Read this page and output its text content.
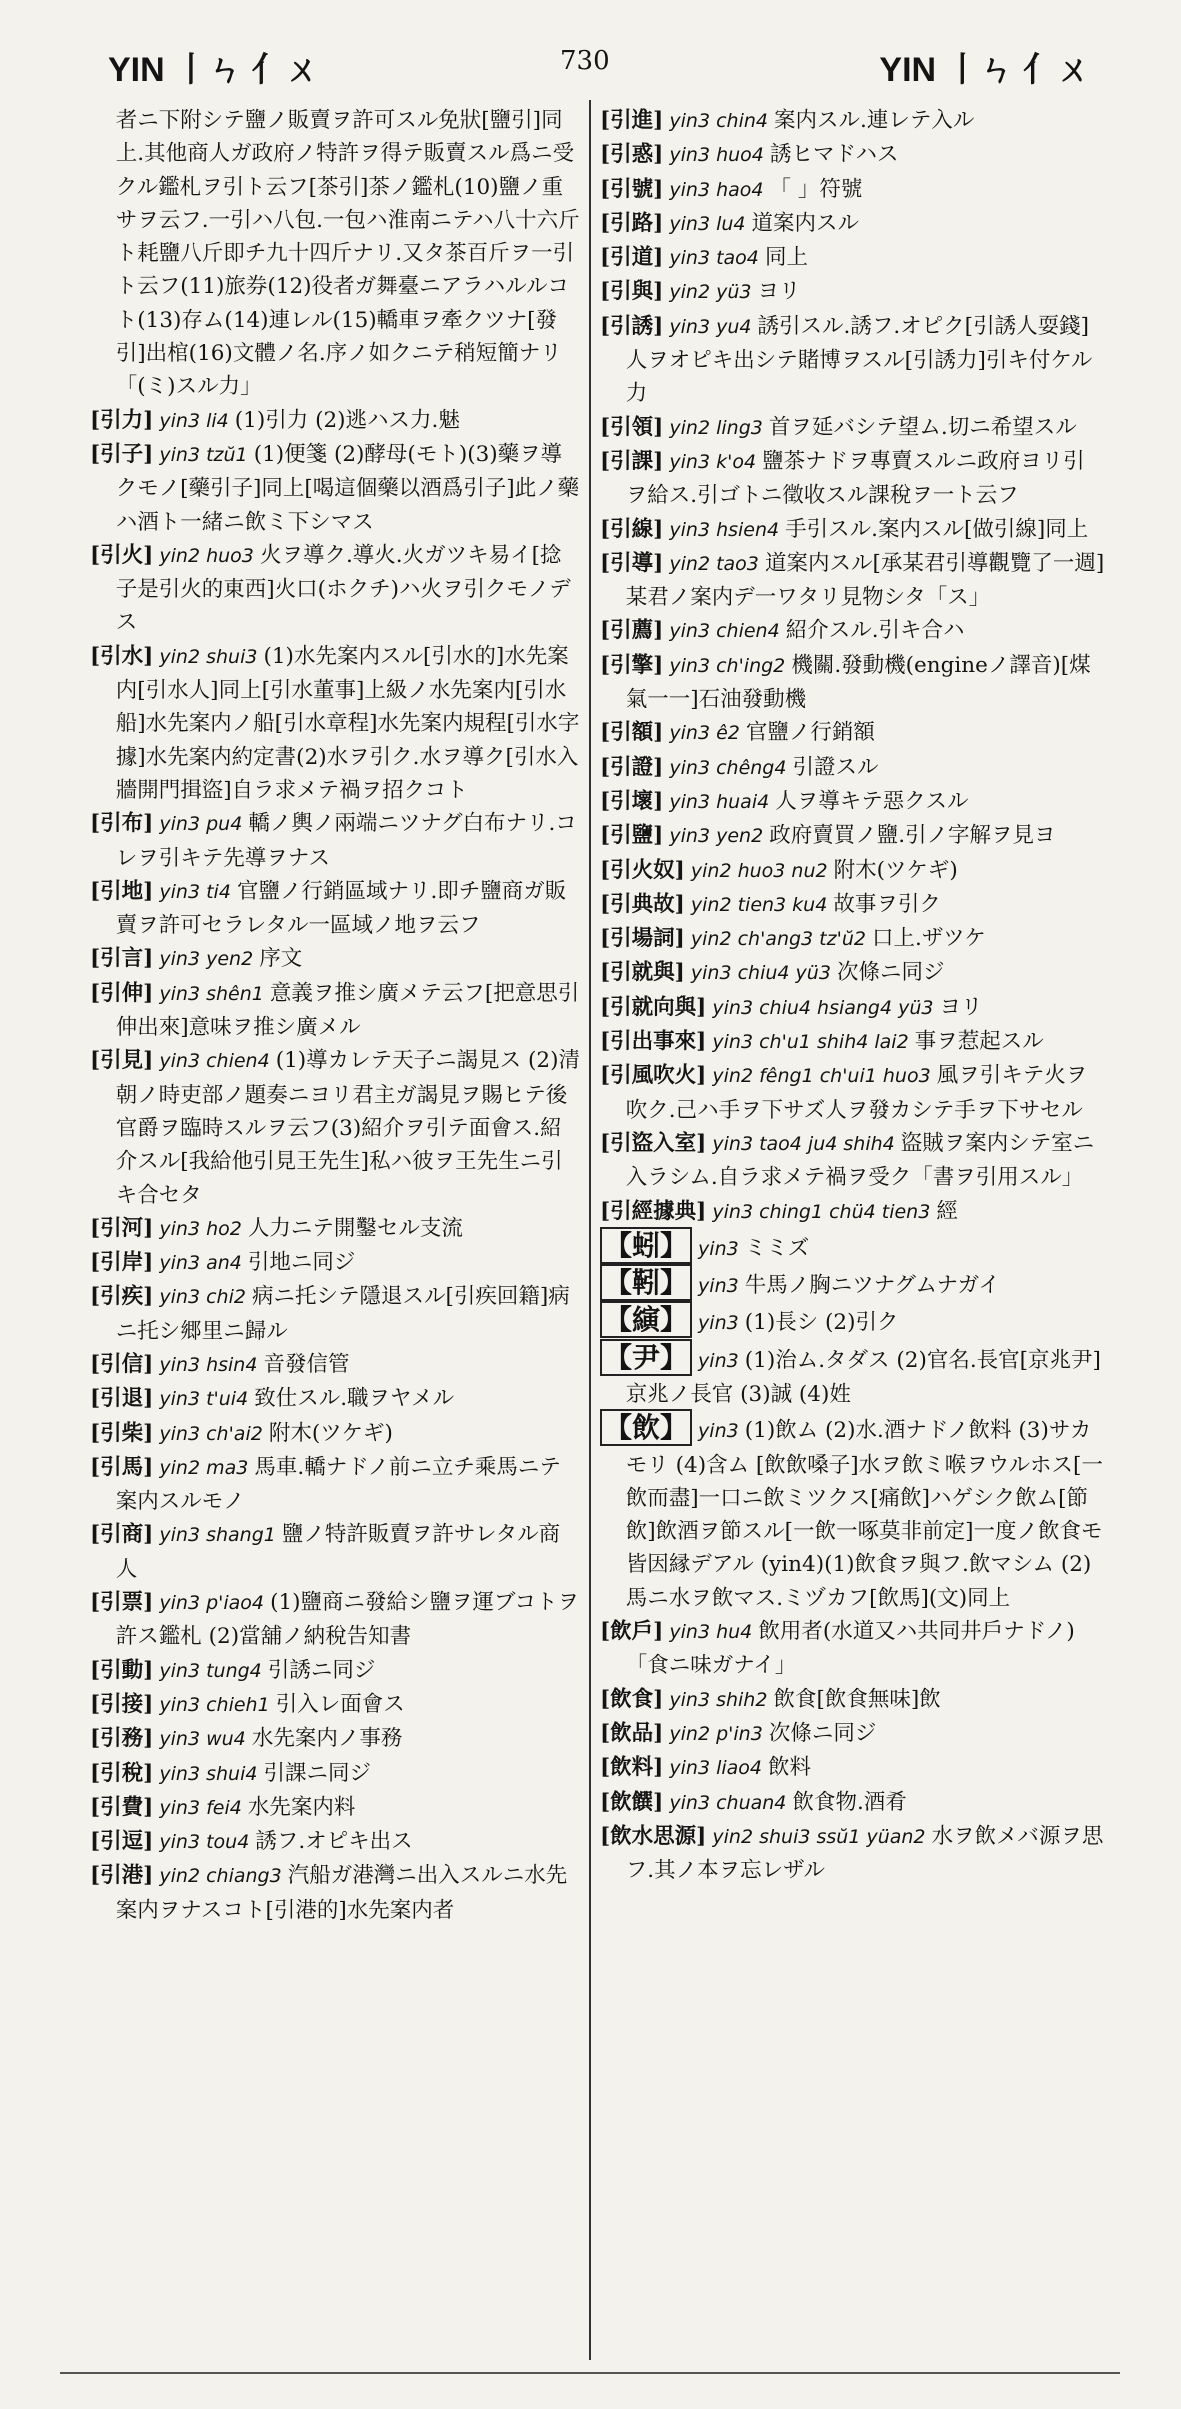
YIN 丨ㄣ 亻ㄨ	730	YIN 丨ㄣ 亻ㄨ
者ニ下附シテ鹽ノ販賣ヲ許可スル免狀[鹽引]同上.其他商人ガ政府ノ特許ヲ得テ販賣スル爲ニ受クル鑑札ヲ引ト云フ[茶引]茶ノ鑑札(10)鹽ノ重サヲ云フ.一引ハ八包.一包ハ淮南ニテハ八十六斤ト耗鹽八斤即チ九十四斤ナリ.又タ茶百斤ヲ一引ト云フ(11)旅券(12)役者ガ舞臺ニアラハルルコト(13)存ム(14)連レル(15)轎車ヲ牽クツナ[發引]出棺(16)文體ノ名.序ノ如クニテ稍短簡ナリ「(ミ)スル力」
[引力] yin3 li4 (1)引力 (2)逃ハス力.魅
[引子] yin3 tzŭ1 (1)便箋 (2)酵母(モト)(3)藥ヲ導クモノ[藥引子]同上[喝這個藥以酒爲引子]此ノ藥ハ酒ト一緒ニ飲ミ下シマス
[引火] yin2 huo3 火ヲ導ク.導火.火ガツキ易イ[捻子是引火的東西]火口(ホクチ)ハ火ヲ引クモノデス
[引水] yin2 shui3 (1)水先案内スル[引水的]水先案内[引水人]同上[引水董事]上級ノ水先案内[引水船]水先案内ノ船[引水章程]水先案内規程[引水字據]水先案内約定書(2)水ヲ引ク.水ヲ導ク[引水入牆開門揖盜]自ラ求メテ禍ヲ招クコト
[引布] yin3 pu4 轎ノ輿ノ兩端ニツナグ白布ナリ.コレヲ引キテ先導ヲナス
[引地] yin3 ti4 官鹽ノ行銷區域ナリ.即チ鹽商ガ販賣ヲ許可セラレタル一區域ノ地ヲ云フ
[引言] yin3 yen2 序文
[引伸] yin3 shên1 意義ヲ推シ廣メテ云フ[把意思引伸出來]意味ヲ推シ廣メル
[引見] yin3 chien4 (1)導カレテ天子ニ謁見ス (2)清朝ノ時吏部ノ題奏ニヨリ君主ガ謁見ヲ賜ヒテ後官爵ヲ臨時スルヲ云フ(3)紹介ヲ引テ面會ス.紹介スル[我給他引見王先生]私ハ彼ヲ王先生ニ引キ合セタ
[引河] yin3 ho2 人力ニテ開鑿セル支流
[引岸] yin3 an4 引地ニ同ジ
[引疾] yin3 chi2 病ニ托シテ隱退スル[引疾回籍]病ニ托シ郷里ニ歸ル
[引信] yin3 hsin4 音發信管
[引退] yin3 t'ui4 致仕スル.職ヲヤメル
[引柴] yin3 ch'ai2 附木(ツケギ)
[引馬] yin2 ma3 馬車.轎ナドノ前ニ立チ乘馬ニテ案内スルモノ
[引商] yin3 shang1 鹽ノ特許販賣ヲ許サレタル商人
[引票] yin3 p'iao4 (1)鹽商ニ發給シ鹽ヲ運ブコトヲ許ス鑑札 (2)當舖ノ納稅告知書
[引動] yin3 tung4 引誘ニ同ジ
[引接] yin3 chieh1 引入レ面會ス
[引務] yin3 wu4 水先案内ノ事務
[引稅] yin3 shui4 引課ニ同ジ
[引費] yin3 fei4 水先案内料
[引逗] yin3 tou4 誘フ.オピキ出ス
[引港] yin2 chiang3 汽船ガ港灣ニ出入スルニ水先案内ヲナスコト[引港的]水先案内者
[引進] yin3 chin4 案内スル.連レテ入ル
[引惑] yin3 huo4 誘ヒマドハス
[引號] yin3 hao4 「 」符號
[引路] yin3 lu4 道案内スル
[引道] yin3 tao4 同上
[引與] yin2 yü3 ヨリ
[引誘] yin3 yu4 誘引スル.誘フ.オピク[引誘人耍錢]人ヲオピキ出シテ賭博ヲスル[引誘力]引キ付ケル力
[引領] yin2 ling3 首ヲ延バシテ望ム.切ニ希望スル
[引課] yin3 k'o4 鹽茶ナドヲ專賣スルニ政府ヨリ引ヲ給ス.引ゴトニ徵收スル課稅ヲ一ト云フ
[引線] yin3 hsien4 手引スル.案内スル[做引線]同上
[引導] yin2 tao3 道案内スル[承某君引導觀覽了一週]某君ノ案内デ一ワタリ見物シタ「ス」
[引薦] yin3 chien4 紹介スル.引キ合ハ
[引擎] yin3 ch'ing2 機關.發動機(engineノ譯音)[煤氣一一]石油發動機
[引額] yin3 ê2 官鹽ノ行銷額
[引證] yin3 chêng4 引證スル
[引壞] yin3 huai4 人ヲ導キテ惡クスル
[引鹽] yin3 yen2 政府賣買ノ鹽.引ノ字解ヲ見ヨ
[引火奴] yin2 huo3 nu2 附木(ツケギ)
[引典故] yin2 tien3 ku4 故事ヲ引ク
[引場詞] yin2 ch'ang3 tz'ŭ2 口上.ザツケ
[引就與] yin3 chiu4 yü3 次條ニ同ジ
[引就向與] yin3 chiu4 hsiang4 yü3 ヨリ
[引出事來] yin3 ch'u1 shih4 lai2 事ヲ惹起スル
[引風吹火] yin2 fêng1 ch'ui1 huo3 風ヲ引キテ火ヲ吹ク.己ハ手ヲ下サズ人ヲ發カシテ手ヲ下サセル
[引盜入室] yin3 tao4 ju4 shih4 盜賊ヲ案内シテ室ニ入ラシム.自ラ求メテ禍ヲ受ク「書ヲ引用スル」
[引經據典] yin3 ching1 chü4 tien3 經
【蚓】 yin3 ミミズ
【靷】 yin3 牛馬ノ胸ニツナグムナガイ
【縯】 yin3 (1)長シ (2)引ク
【尹】 yin3 (1)治ム.タダス (2)官名.長官[京兆尹]京兆ノ長官 (3)誠 (4)姓
【飲】 yin3 (1)飲ム (2)水.酒ナドノ飲料 (3)サカモリ (4)含ム [飲飲嗓子]水ヲ飲ミ喉ヲウルホス[一飲而盡]一口ニ飲ミツクス[痛飲]ハゲシク飲ム[節飲]飲酒ヲ節スル[一飲一啄莫非前定]一度ノ飲食モ皆因縁デアル (yin4)(1)飲食ヲ與フ.飲マシム (2)馬ニ水ヲ飲マス.ミヅカフ[飲馬](文)同上
[飲戶] yin3 hu4 飲用者(水道又ハ共同井戶ナドノ) 「食ニ味ガナイ」
[飲食] yin3 shih2 飲食[飲食無味]飲
[飲品] yin2 p'in3 次條ニ同ジ
[飲料] yin3 liao4 飲料
[飲饌] yin3 chuan4 飲食物.酒肴
[飲水思源] yin2 shui3 ssŭ1 yüan2 水ヲ飲メバ源ヲ思フ.其ノ本ヲ忘レザル
